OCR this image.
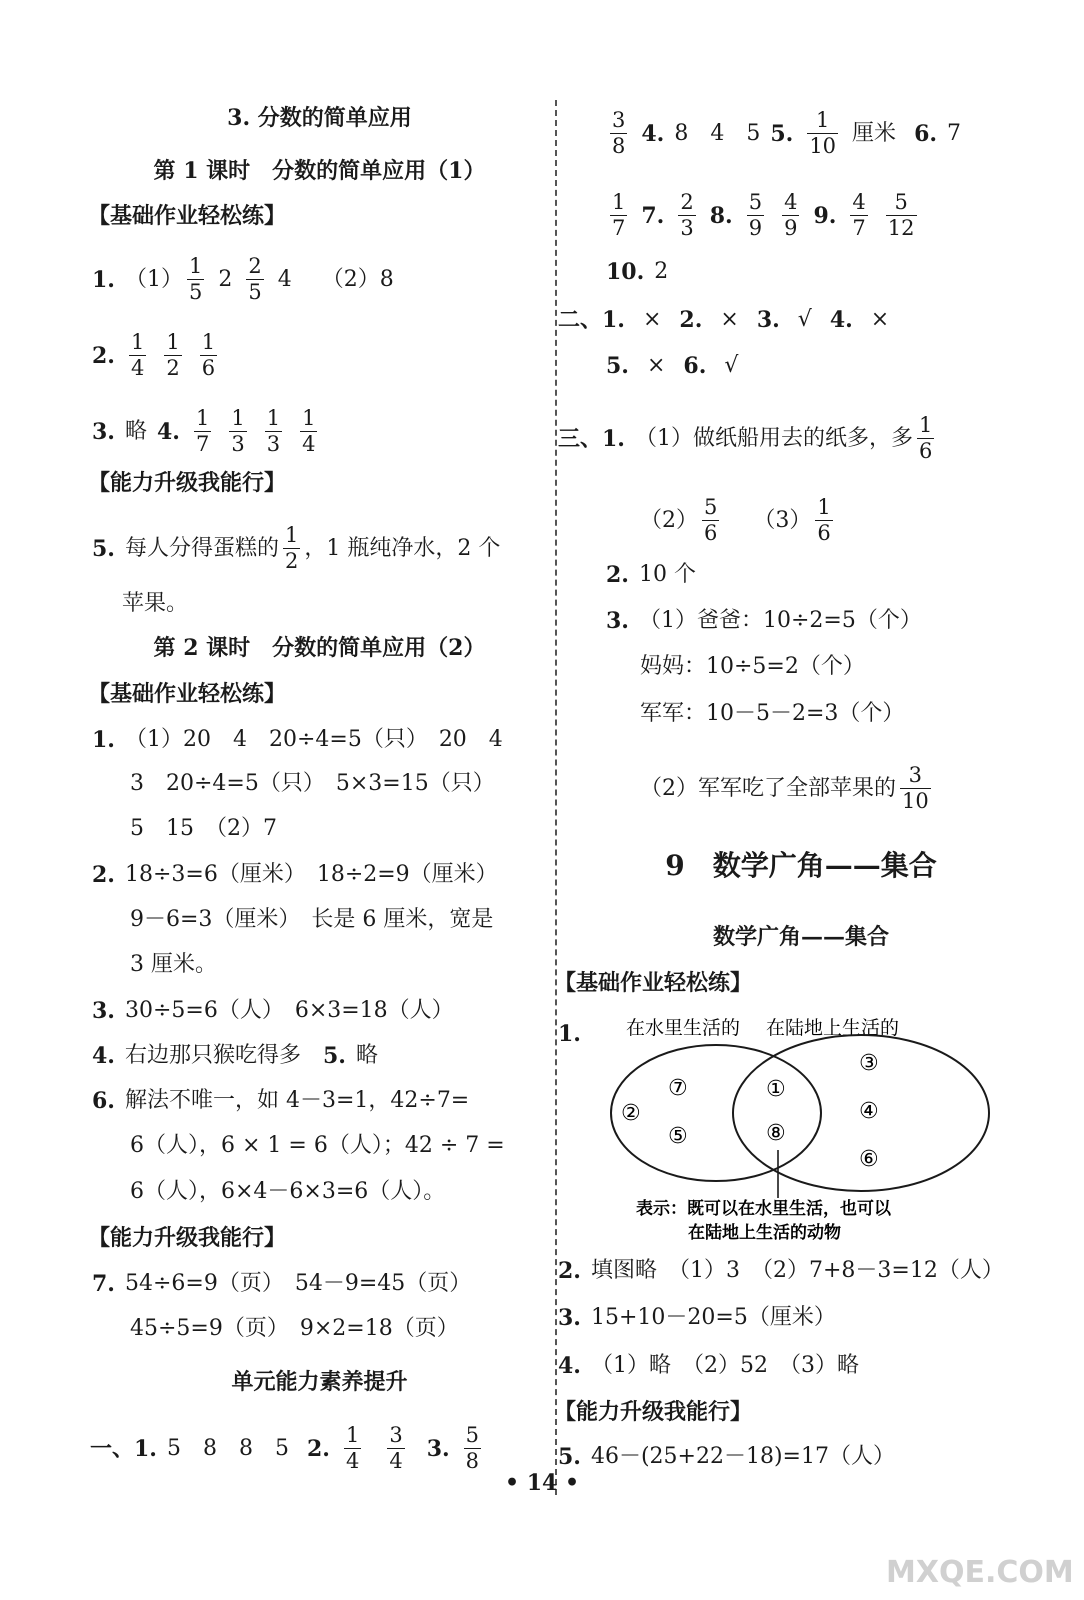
3. 分数的简单应用
第 1 课时　分数的简单应用（1）
【基础作业轻松练】
1. $(1) \frac{1}{5} 2 \frac{2}{5} 4$ （2）8
2. $\frac{1}{4} \frac{1}{2} \frac{1}{6}$
3. 略 4. $\frac{1}{7} \frac{1}{3} \frac{1}{3} \frac{1}{4}$
【能力升级我能行】
5. 每人分得蛋糕的 $\frac{1}{2}$ ，1 瓶纯净水，2 个
苹果。
第 2 课时　分数的简单应用（2）
【基础作业轻松练】
1. （1）20　4　20÷4=5（只）　20　4
3　20÷4=5（只）　5×3=15（只）
5　15　（2）7
2. 18÷3=6（厘米）　18÷2=9（厘米）
9－6=3（厘米）　长是 6 厘米，宽是
3 厘米。
3. 30÷5=6（人）　6×3=18（人）
4. 右边那只猴吃得多　 5. 略
6. 解法不唯一，如 4－3=1，42÷7=
6（人），6 × 1 = 6（人）；42 ÷ 7 =
6（人），6×4－6×3=6（人）。
【能力升级我能行】
7. 54÷6=9（页）　54－9=45（页）
45÷5=9（页）　9×2=18（页）
单元能力素养提升
一、1. 5　8　8　5 2. $\frac{1}{4} \frac{3}{4} 3$. $\frac{5}{8}$
$\frac{3}{8} 4$. 8　4　5 5. $\frac{1}{10}$ 厘米 6. 7
$\frac{1}{7} 7$. $\frac{2}{3} 8$. $\frac{5}{9} \frac{4}{9} 9$. $\frac{4}{7} \frac{5}{12}$
10. 2
二、1. × 2. × 3. √ 4. ×
5. × 6. √
三、1. （1）做纸船用去的纸多，多 $\frac{1}{6}$
$(2) \frac{5}{6} (3) \frac{1}{6}$
2. 10 个
3. （1）爸爸：10÷2=5（个）
妈妈：10÷5=2（个）
军军：10－5－2=3（个）
（2）军军吃了全部苹果的 $\frac{3}{10}$
9　数学广角——集合
数学广角——集合
【基础作业轻松练】
1. 在水里生活的 在陆地上生活的
②
⑦
⑤
①
⑧
③
④
⑥
表示：既可以在水里生活，也可以
在陆地上生活的动物
2. 填图略　（1）3　（2）7+8－3=12（人）
3. 15+10－20=5（厘米）
4. （1）略　（2）52　（3）略
【能力升级我能行】
5. 46－(25+22－18)=17（人）
• 14 •
MXQE.COM
